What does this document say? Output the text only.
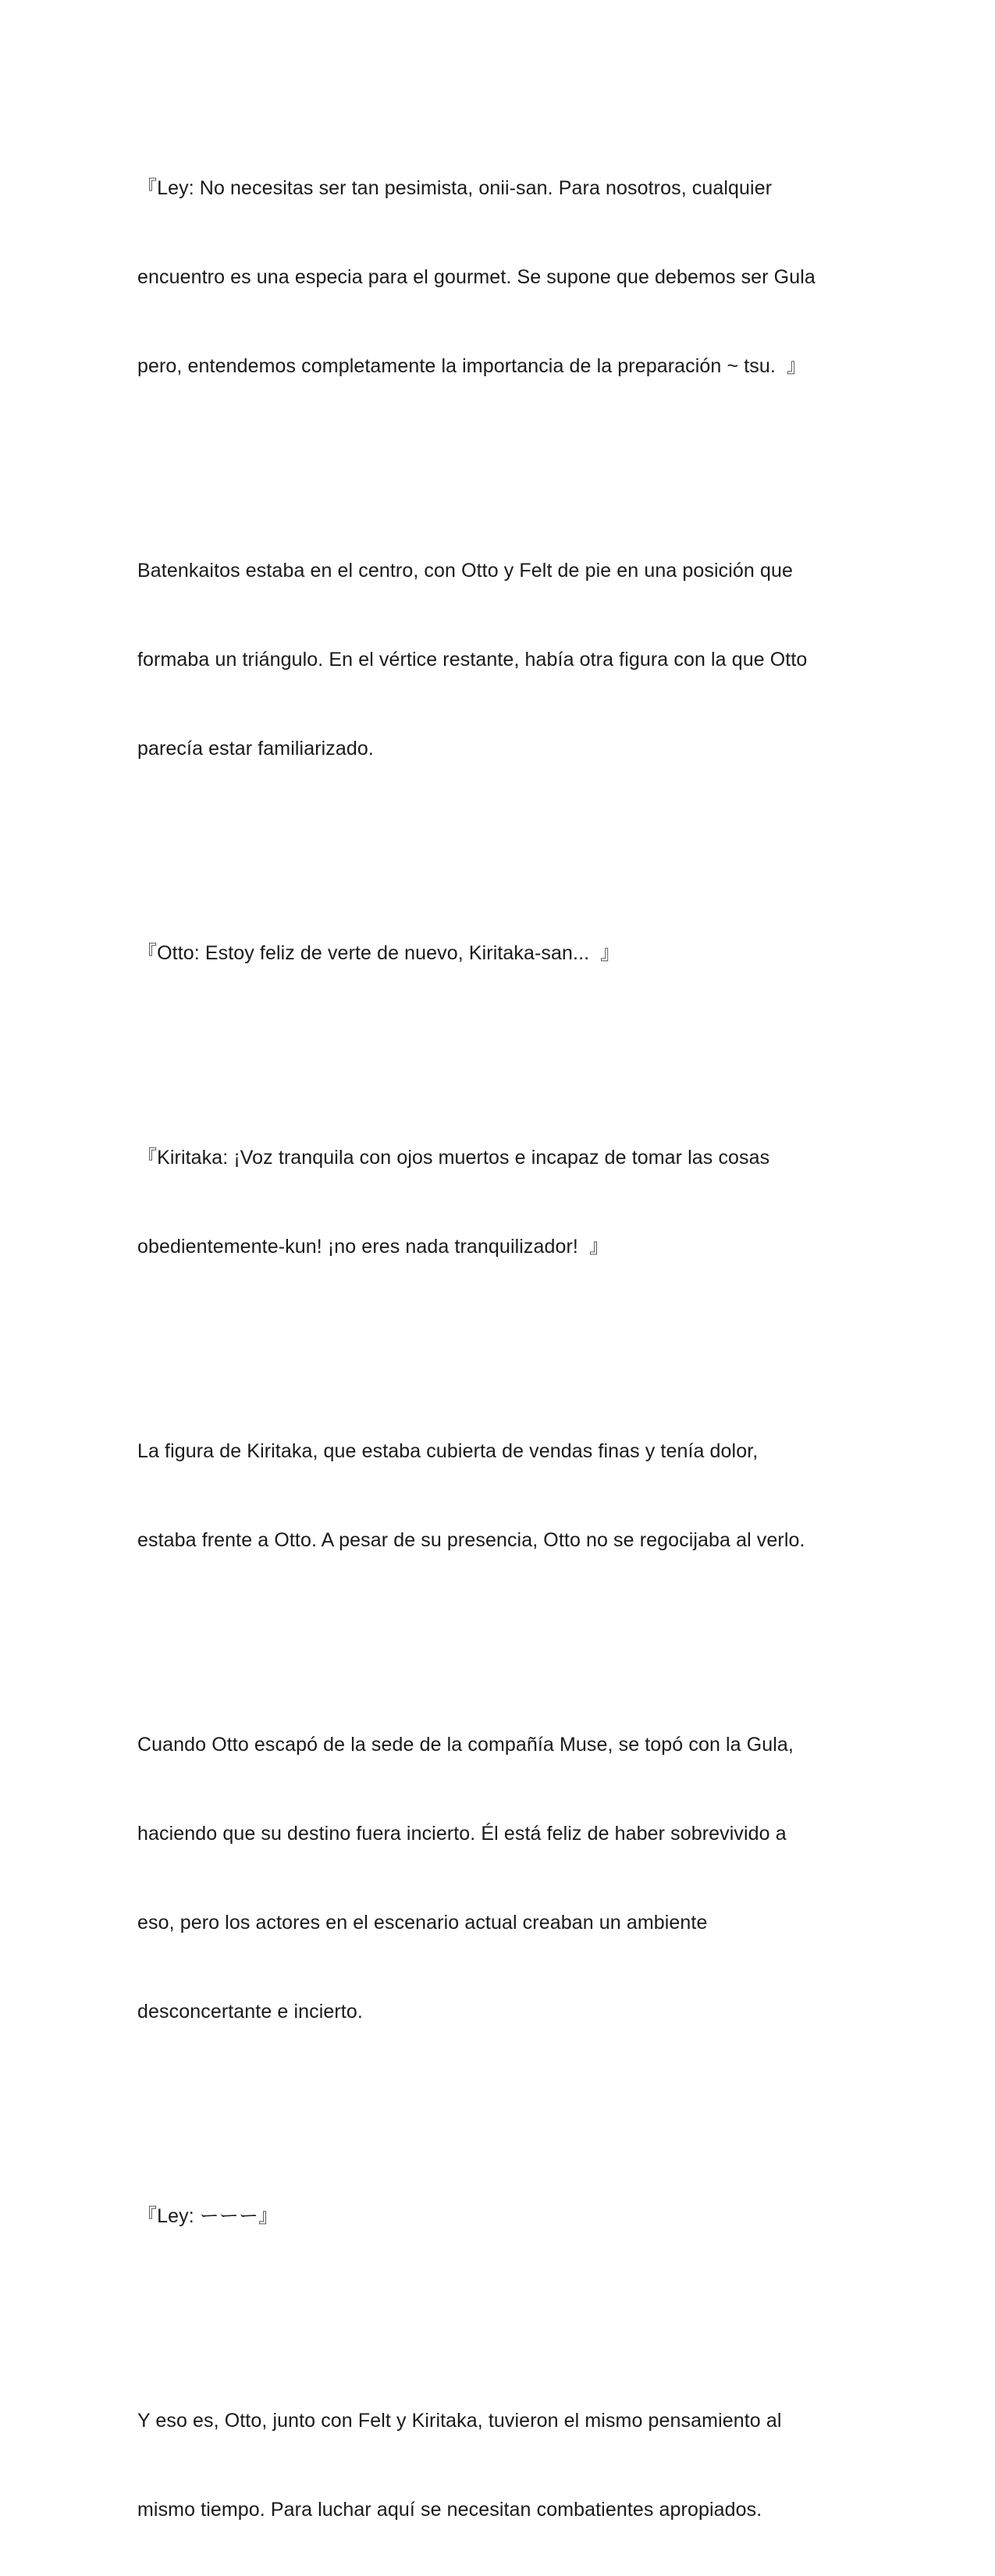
『Ley: No necesitas ser tan pesimista, onii-san. Para nosotros, cualquier

encuentro es una especia para el gourmet. Se supone que debemos ser Gula

pero, entendemos completamente la importancia de la preparación ~ tsu.  』

Batenkaitos estaba en el centro, con Otto y Felt de pie en una posición que

formaba un triángulo. En el vértice restante, había otra figura con la que Otto

parecía estar familiarizado.

『Otto: Estoy feliz de verte de nuevo, Kiritaka-san...  』

『Kiritaka: ¡Voz tranquila con ojos muertos e incapaz de tomar las cosas

obedientemente-kun! ¡no eres nada tranquilizador!  』

La figura de Kiritaka, que estaba cubierta de vendas finas y tenía dolor,

estaba frente a Otto. A pesar de su presencia, Otto no se regocijaba al verlo.

Cuando Otto escapó de la sede de la compañía Muse, se topó con la Gula,

haciendo que su destino fuera incierto. Él está feliz de haber sobrevivido a

eso, pero los actores en el escenario actual creaban un ambiente

desconcertante e incierto.

『Ley: ーーー』

Y eso es, Otto, junto con Felt y Kiritaka, tuvieron el mismo pensamiento al

mismo tiempo. Para luchar aquí se necesitan combatientes apropiados.
